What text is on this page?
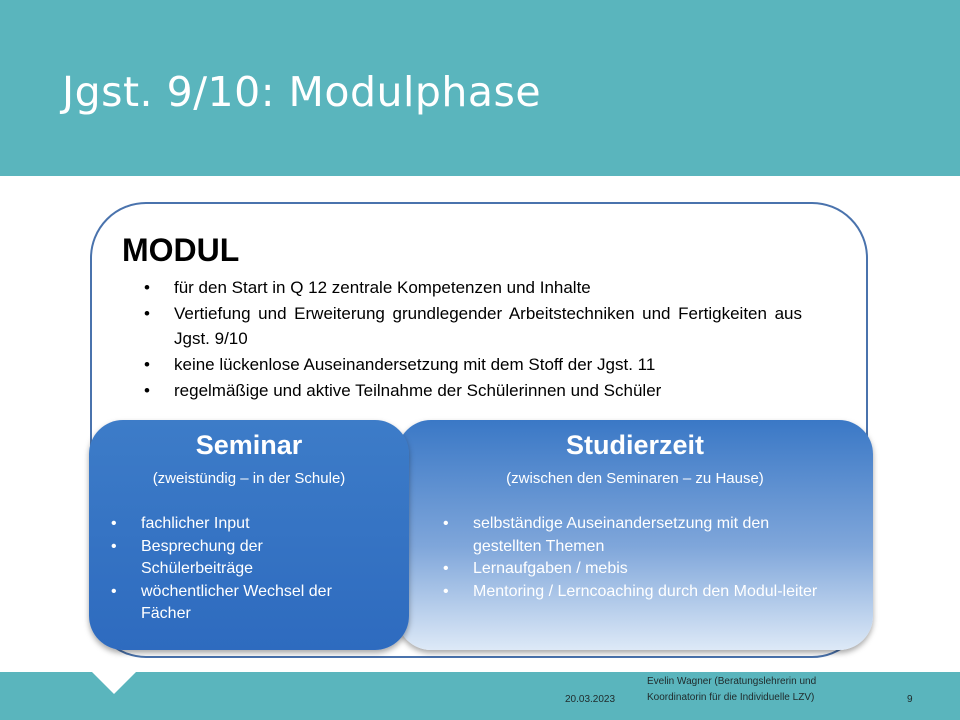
Jgst. 9/10: Modulphase
MODUL
• für den Start in Q 12 zentrale Kompetenzen und Inhalte
• Vertiefung und Erweiterung grundlegender Arbeitstechniken und Fertigkeiten aus Jgst. 9/10
• keine lückenlose Auseinandersetzung mit dem Stoff der Jgst. 11
• regelmäßige und aktive Teilnahme der Schülerinnen und Schüler
Studierzeit
(zwischen den Seminaren – zu Hause)
• selbständige Auseinandersetzung mit den gestellten Themen
• Lernaufgaben / mebis
• Mentoring / Lerncoaching durch den Modul-leiter
Seminar
(zweistündig – in der Schule)
• fachlicher Input
• Besprechung der Schülerbeiträge
• wöchentlicher Wechsel der Fächer
20.03.2023
Evelin Wagner (Beratungslehrerin und Koordinatorin für die Individuelle LZV)	9
